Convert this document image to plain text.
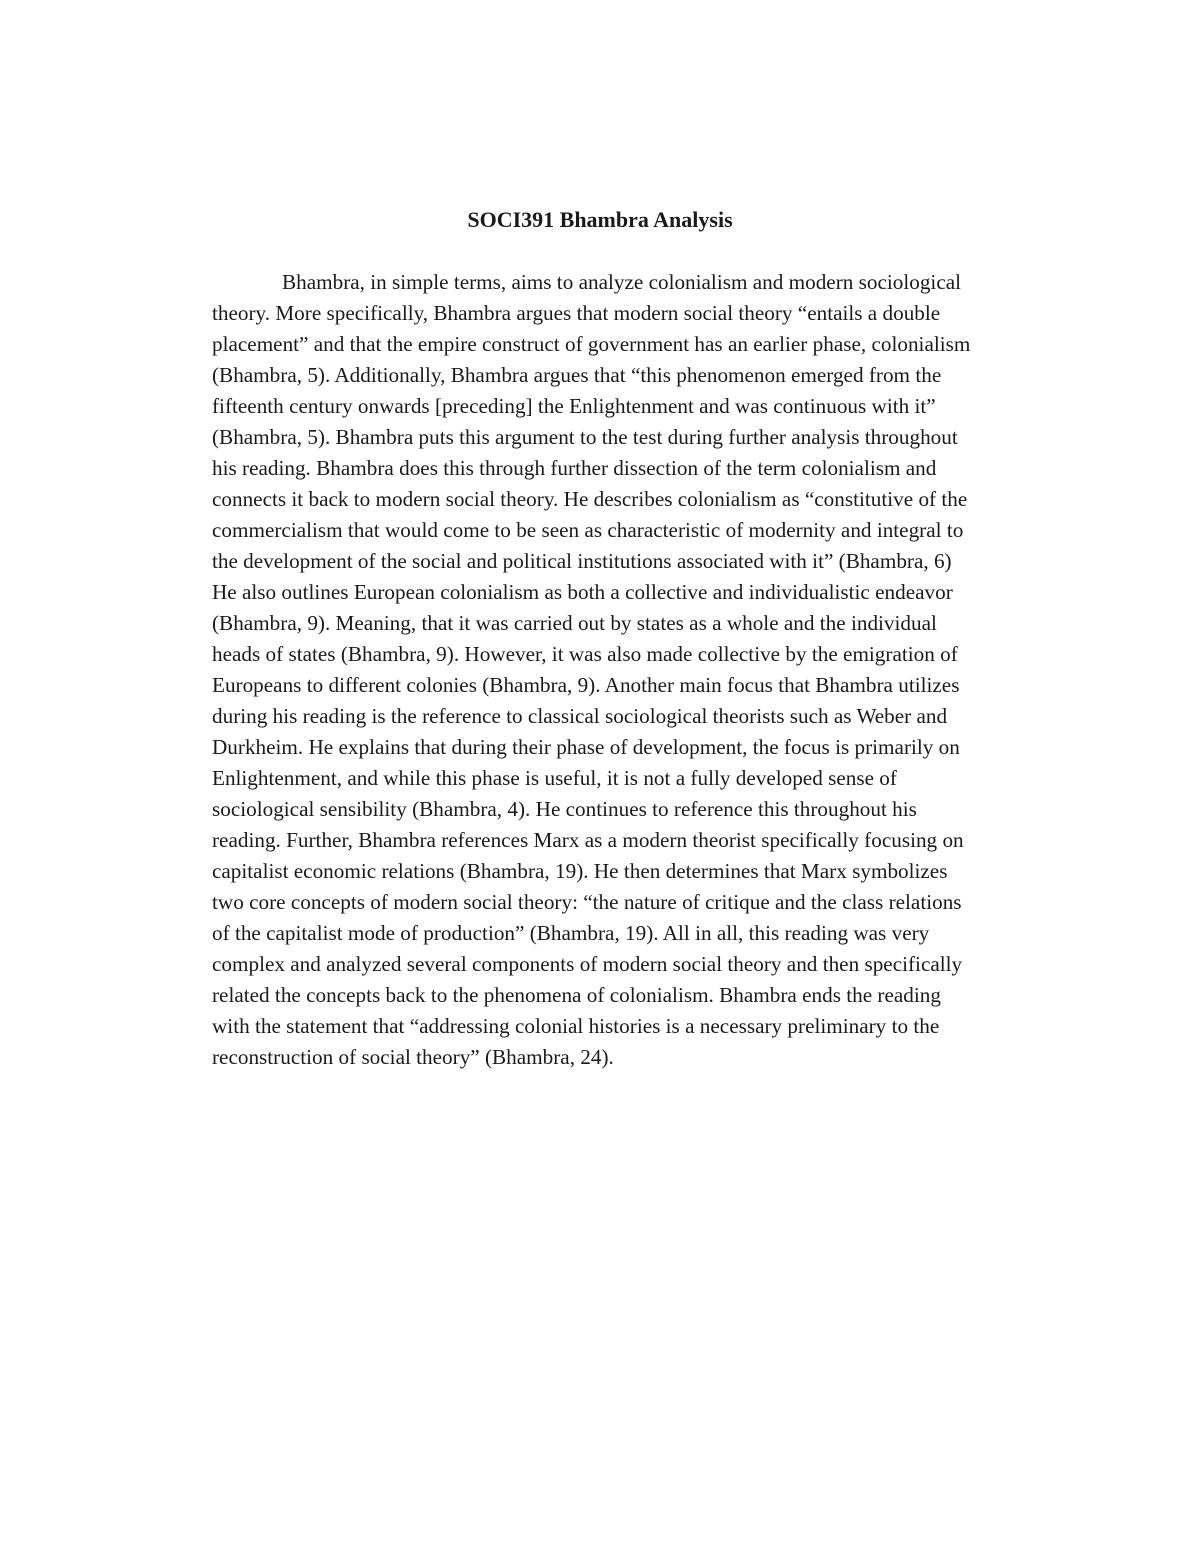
SOCI391 Bhambra Analysis
Bhambra, in simple terms, aims to analyze colonialism and modern sociological
theory. More specifically, Bhambra argues that modern social theory “entails a double
placement” and that the empire construct of government has an earlier phase, colonialism
(Bhambra, 5). Additionally, Bhambra argues that “this phenomenon emerged from the
fifteenth century onwards [preceding] the Enlightenment and was continuous with it”
(Bhambra, 5). Bhambra puts this argument to the test during further analysis throughout
his reading. Bhambra does this through further dissection of the term colonialism and
connects it back to modern social theory. He describes colonialism as “constitutive of the
commercialism that would come to be seen as characteristic of modernity and integral to
the development of the social and political institutions associated with it” (Bhambra, 6)
He also outlines European colonialism as both a collective and individualistic endeavor
(Bhambra, 9). Meaning, that it was carried out by states as a whole and the individual
heads of states (Bhambra, 9). However, it was also made collective by the emigration of
Europeans to different colonies (Bhambra, 9). Another main focus that Bhambra utilizes
during his reading is the reference to classical sociological theorists such as Weber and
Durkheim. He explains that during their phase of development, the focus is primarily on
Enlightenment, and while this phase is useful, it is not a fully developed sense of
sociological sensibility (Bhambra, 4). He continues to reference this throughout his
reading. Further, Bhambra references Marx as a modern theorist specifically focusing on
capitalist economic relations (Bhambra, 19). He then determines that Marx symbolizes
two core concepts of modern social theory: “the nature of critique and the class relations
of the capitalist mode of production” (Bhambra, 19). All in all, this reading was very
complex and analyzed several components of modern social theory and then specifically
related the concepts back to the phenomena of colonialism. Bhambra ends the reading
with the statement that “addressing colonial histories is a necessary preliminary to the
reconstruction of social theory” (Bhambra, 24).
